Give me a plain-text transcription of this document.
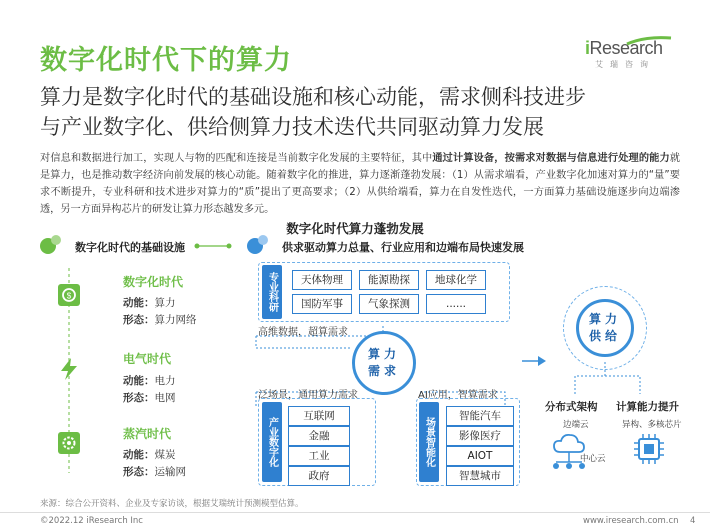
数字化时代下的算力	iResearch
艾瑞咨询
算力是数字化时代的基础设施和核心动能，需求侧科技进步
与产业数字化、供给侧算力技术迭代共同驱动算力发展
对信息和数据进行加工，实现人与物的匹配和连接是当前数字化发展的主要特征，其中通过计算设备，按需求对数据与信息进行处理的能力就是算力，也是推动数字经济向前发展的核心动能。随着数字化的推进，算力逐渐蓬勃发展：（1）从需求端看，产业数字化加速对算力的“量”要求不断提升，专业科研和技术进步对算力的“质”提出了更高要求；（2）从供给端看，算力在自发性迭代，一方面算力基础设施逐步向边端渗透，另一方面异构芯片的研发让算力形态越发多元。
数字化时代算力蓬勃发展
数字化时代的基础设施
$
数字化时代
动能：算力
形态：算力网络
电气时代
动能：电力
形态：电网
蒸汽时代
动能：煤炭
形态：运输网
供求驱动算力总量、行业应用和边端布局快速发展
专业科研	天体物理	能源勘探	地球化学
国防军事	气象探测	......
高维数据，超算需求
泛场景，通用算力需求	AI应用，智算需求
算力需求
产业数字化
互联网
金融
工业
政府
场景智能化
智能汽车
影像医疗
AIOT
智慧城市
算力供给
分布式架构 计算能力提升
边端云	异构、多核芯片
中心云
来源：综合公开资料、企业及专家访谈，根据艾瑞统计预测模型估算。
©2022.12 iResearch Inc	www.iresearch.com.cn 4
